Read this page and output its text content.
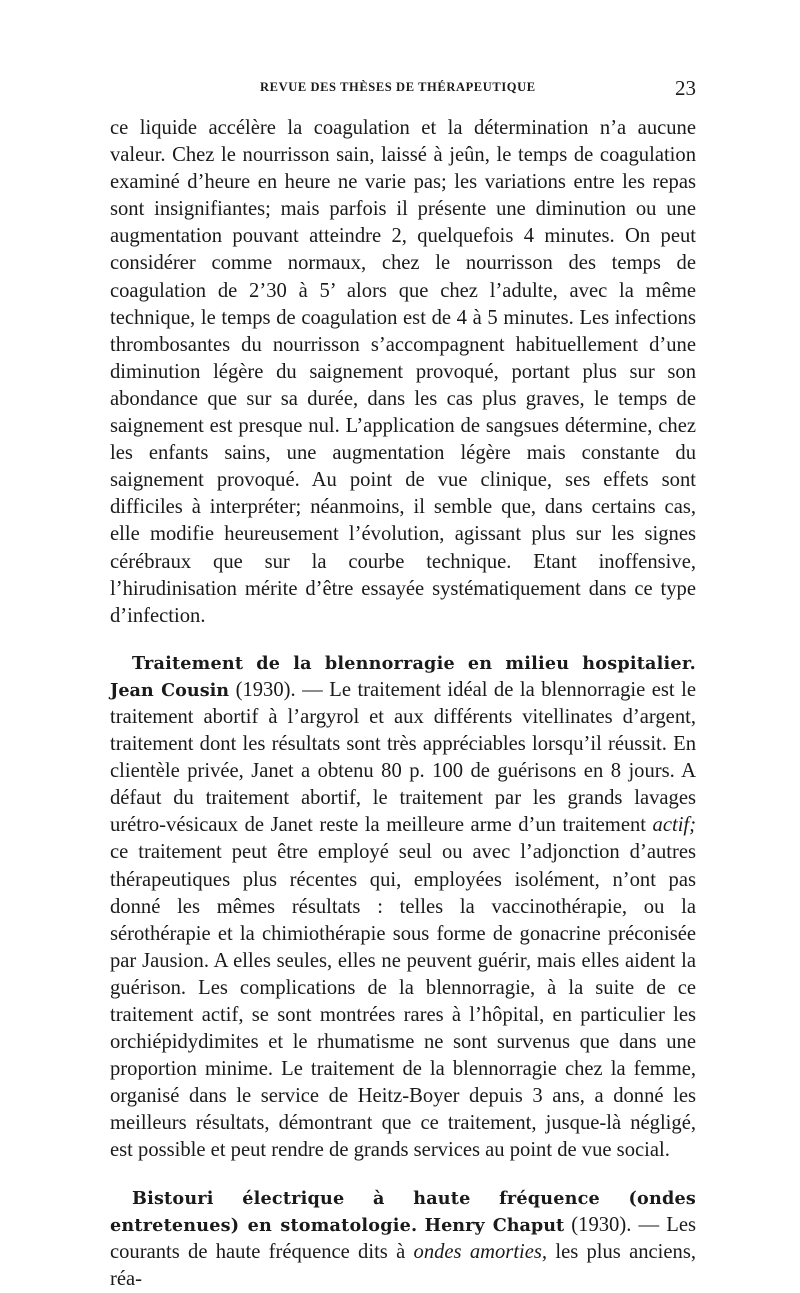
REVUE DES THÈSES DE THÉRAPEUTIQUE	23

ce liquide accélère la coagulation et la détermination n’a aucune valeur. Chez le nourrisson sain, laissé à jeûn, le temps de coagulation examiné d’heure en heure ne varie pas; les variations entre les repas sont insignifiantes; mais parfois il présente une diminution ou une augmentation pouvant atteindre 2, quelquefois 4 minutes. On peut considérer comme normaux, chez le nourrisson des temps de coagulation de 2’30 à 5’ alors que chez l’adulte, avec la même technique, le temps de coagulation est de 4 à 5 minutes. Les infections thrombosantes du nourrisson s’accompagnent habituellement d’une diminution légère du saignement provoqué, portant plus sur son abondance que sur sa durée, dans les cas plus graves, le temps de saignement est presque nul. L’application de sangsues détermine, chez les enfants sains, une augmentation légère mais constante du saignement provoqué. Au point de vue clinique, ses effets sont difficiles à interpréter; néanmoins, il semble que, dans certains cas, elle modifie heureusement l’évolution, agissant plus sur les signes cérébraux que sur la courbe technique. Etant inoffensive, l’hirudinisation mérite d’être essayée systématiquement dans ce type d’infection.

Traitement de la blennorragie en milieu hospitalier. Jean Cousin (1930). — Le traitement idéal de la blennorragie est le traitement abortif à l’argyrol et aux différents vitellinates d’argent, traitement dont les résultats sont très appréciables lorsqu’il réussit. En clientèle privée, Janet a obtenu 80 p. 100 de guérisons en 8 jours. A défaut du traitement abortif, le traitement par les grands lavages urétro-vésicaux de Janet reste la meilleure arme d’un traitement actif; ce traitement peut être employé seul ou avec l’adjonction d’autres thérapeutiques plus récentes qui, employées isolément, n’ont pas donné les mêmes résultats : telles la vaccinothérapie, ou la sérothérapie et la chimiothérapie sous forme de gonacrine préconisée par Jausion. A elles seules, elles ne peuvent guérir, mais elles aident la guérison. Les complications de la blennorragie, à la suite de ce traitement actif, se sont montrées rares à l’hôpital, en particulier les orchiépidydimites et le rhumatisme ne sont survenus que dans une proportion minime. Le traitement de la blennorragie chez la femme, organisé dans le service de Heitz-Boyer depuis 3 ans, a donné les meilleurs résultats, démontrant que ce traitement, jusque-là négligé, est possible et peut rendre de grands services au point de vue social.

Bistouri électrique à haute fréquence (ondes entretenues) en stomatologie. Henry Chaput (1930). — Les courants de haute fréquence dits à ondes amorties, les plus anciens, réa-
